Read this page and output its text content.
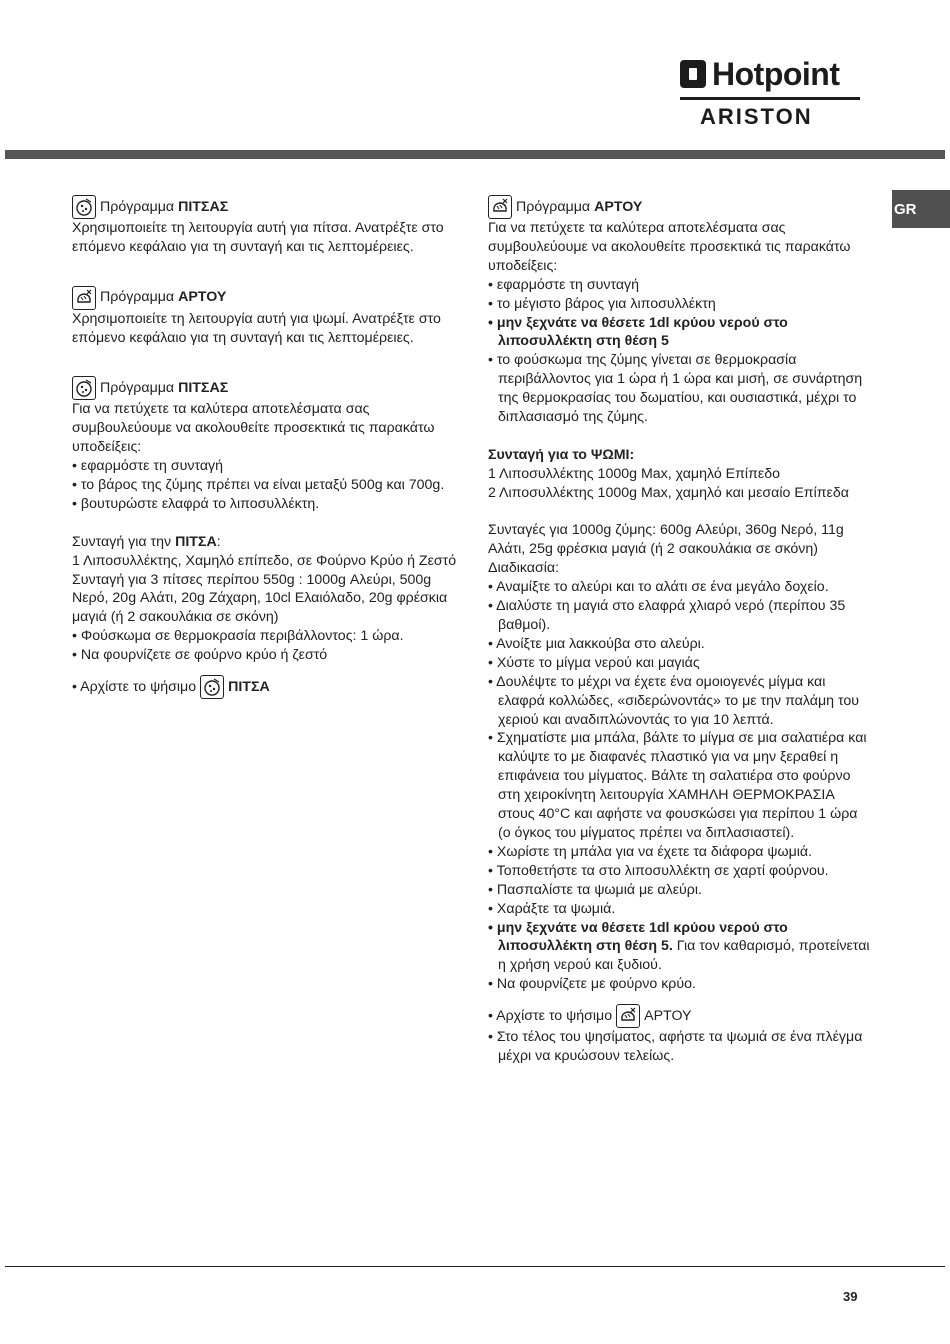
Hotpoint
ARISTON
GR
Πρόγραμμα
ΠΙΤΣΑΣ

Χρησιμοποιείτε τη λειτουργία αυτή για πίτσα. Ανατρέξτε στο επόμενο κεφάλαιο για τη συνταγή και τις λεπτομέρειες.

Πρόγραμμα
ΑΡΤΟΥ

Χρησιμοποιείτε τη λειτουργία αυτή για ψωμί. Ανατρέξτε στο επόμενο κεφάλαιο για τη συνταγή και τις λεπτομέρειες.

Πρόγραμμα
ΠΙΤΣΑΣ

Για να πετύχετε τα καλύτερα αποτελέσματα σας συμβουλεύουμε να ακολουθείτε προσεκτικά τις παρακάτω υποδείξεις:

• εφαρμόστε τη συνταγή

• το βάρος της ζύμης πρέπει να είναι μεταξύ 500g και 700g.

• βουτυρώστε ελαφρά το λιποσυλλέκτη.

Συνταγή για την ΠΙΤΣΑ:

1 Λιποσυλλέκτης, Χαμηλό επίπεδο, σε Φούρνο Κρύο ή Ζεστό

Συνταγή για 3 πίτσες περίπου 550g : 1000g Αλεύρι, 500g Νερό, 20g Αλάτι, 20g Ζάχαρη, 10cl Ελαιόλαδο, 20g φρέσκια μαγιά (ή 2 σακουλάκια σε σκόνη)

• Φούσκωμα σε θερμοκρασία περιβάλλοντος: 1 ώρα.

• Να φουρνίζετε σε φούρνο κρύο ή ζεστό

• Αρχίστε το ψήσιμο ΠΙΤΣΑ

Πρόγραμμα
ΑΡΤΟΥ

Για να πετύχετε τα καλύτερα αποτελέσματα σας συμβουλεύουμε να ακολουθείτε προσεκτικά τις παρακάτω υποδείξεις:

• εφαρμόστε τη συνταγή

• το μέγιστο βάρος για λιποσυλλέκτη

• μην ξεχνάτε να θέσετε 1dl κρύου νερού στο λιποσυλλέκτη στη θέση 5

• το φούσκωμα της ζύμης γίνεται σε θερμοκρασία περιβάλλοντος για 1 ώρα ή 1 ώρα και μισή, σε συνάρτηση της θερμοκρασίας του δωματίου, και ουσιαστικά, μέχρι το διπλασιασμό της ζύμης.

Συνταγή για το ΨΩΜΙ:

1 Λιποσυλλέκτης 1000g Max, χαμηλό Επίπεδο

2 Λιποσυλλέκτης 1000g Max, χαμηλό και μεσαίο Επίπεδα

Συνταγές για 1000g ζύμης: 600g Αλεύρι, 360g Νερό, 11g Αλάτι, 25g φρέσκια μαγιά (ή 2 σακουλάκια σε σκόνη)

Διαδικασία:

• Αναμίξτε το αλεύρι και το αλάτι σε ένα μεγάλο δοχείο.

• Διαλύστε τη μαγιά στο ελαφρά χλιαρό νερό (περίπου 35 βαθμοί).

• Ανοίξτε μια λακκούβα στο αλεύρι.

• Χύστε το μίγμα νερού και μαγιάς

• Δουλέψτε το μέχρι να έχετε ένα ομοιογενές μίγμα και ελαφρά κολλώδες, «σιδερώνοντάς» το με την παλάμη του χεριού και αναδιπλώνοντάς το για 10 λεπτά.

• Σχηματίστε μια μπάλα, βάλτε το μίγμα σε μια σαλατιέρα και καλύψτε το με διαφανές πλαστικό για να μην ξεραθεί η επιφάνεια του μίγματος. Βάλτε τη σαλατιέρα στο φούρνο στη χειροκίνητη λειτουργία ΧΑΜΗΛΗ ΘΕΡΜΟΚΡΑΣΙΑ στους 40°C και αφήστε να φουσκώσει για περίπου 1 ώρα (ο όγκος του μίγματος πρέπει να διπλασιαστεί).

• Χωρίστε τη μπάλα για να έχετε τα διάφορα ψωμιά.

• Τοποθετήστε τα στο λιποσυλλέκτη σε χαρτί φούρνου.

• Πασπαλίστε τα ψωμιά με αλεύρι.

• Χαράξτε τα ψωμιά.

• μην ξεχνάτε να θέσετε 1dl κρύου νερού στο λιποσυλλέκτη στη θέση 5. Για τον καθαρισμό, προτείνεται η χρήση νερού και ξυδιού.

• Να φουρνίζετε με φούρνο κρύο.

• Αρχίστε το ψήσιμο ΑΡΤΟΥ

• Στο τέλος του ψησίματος, αφήστε τα ψωμιά σε ένα πλέγμα μέχρι να κρυώσουν τελείως.

39
